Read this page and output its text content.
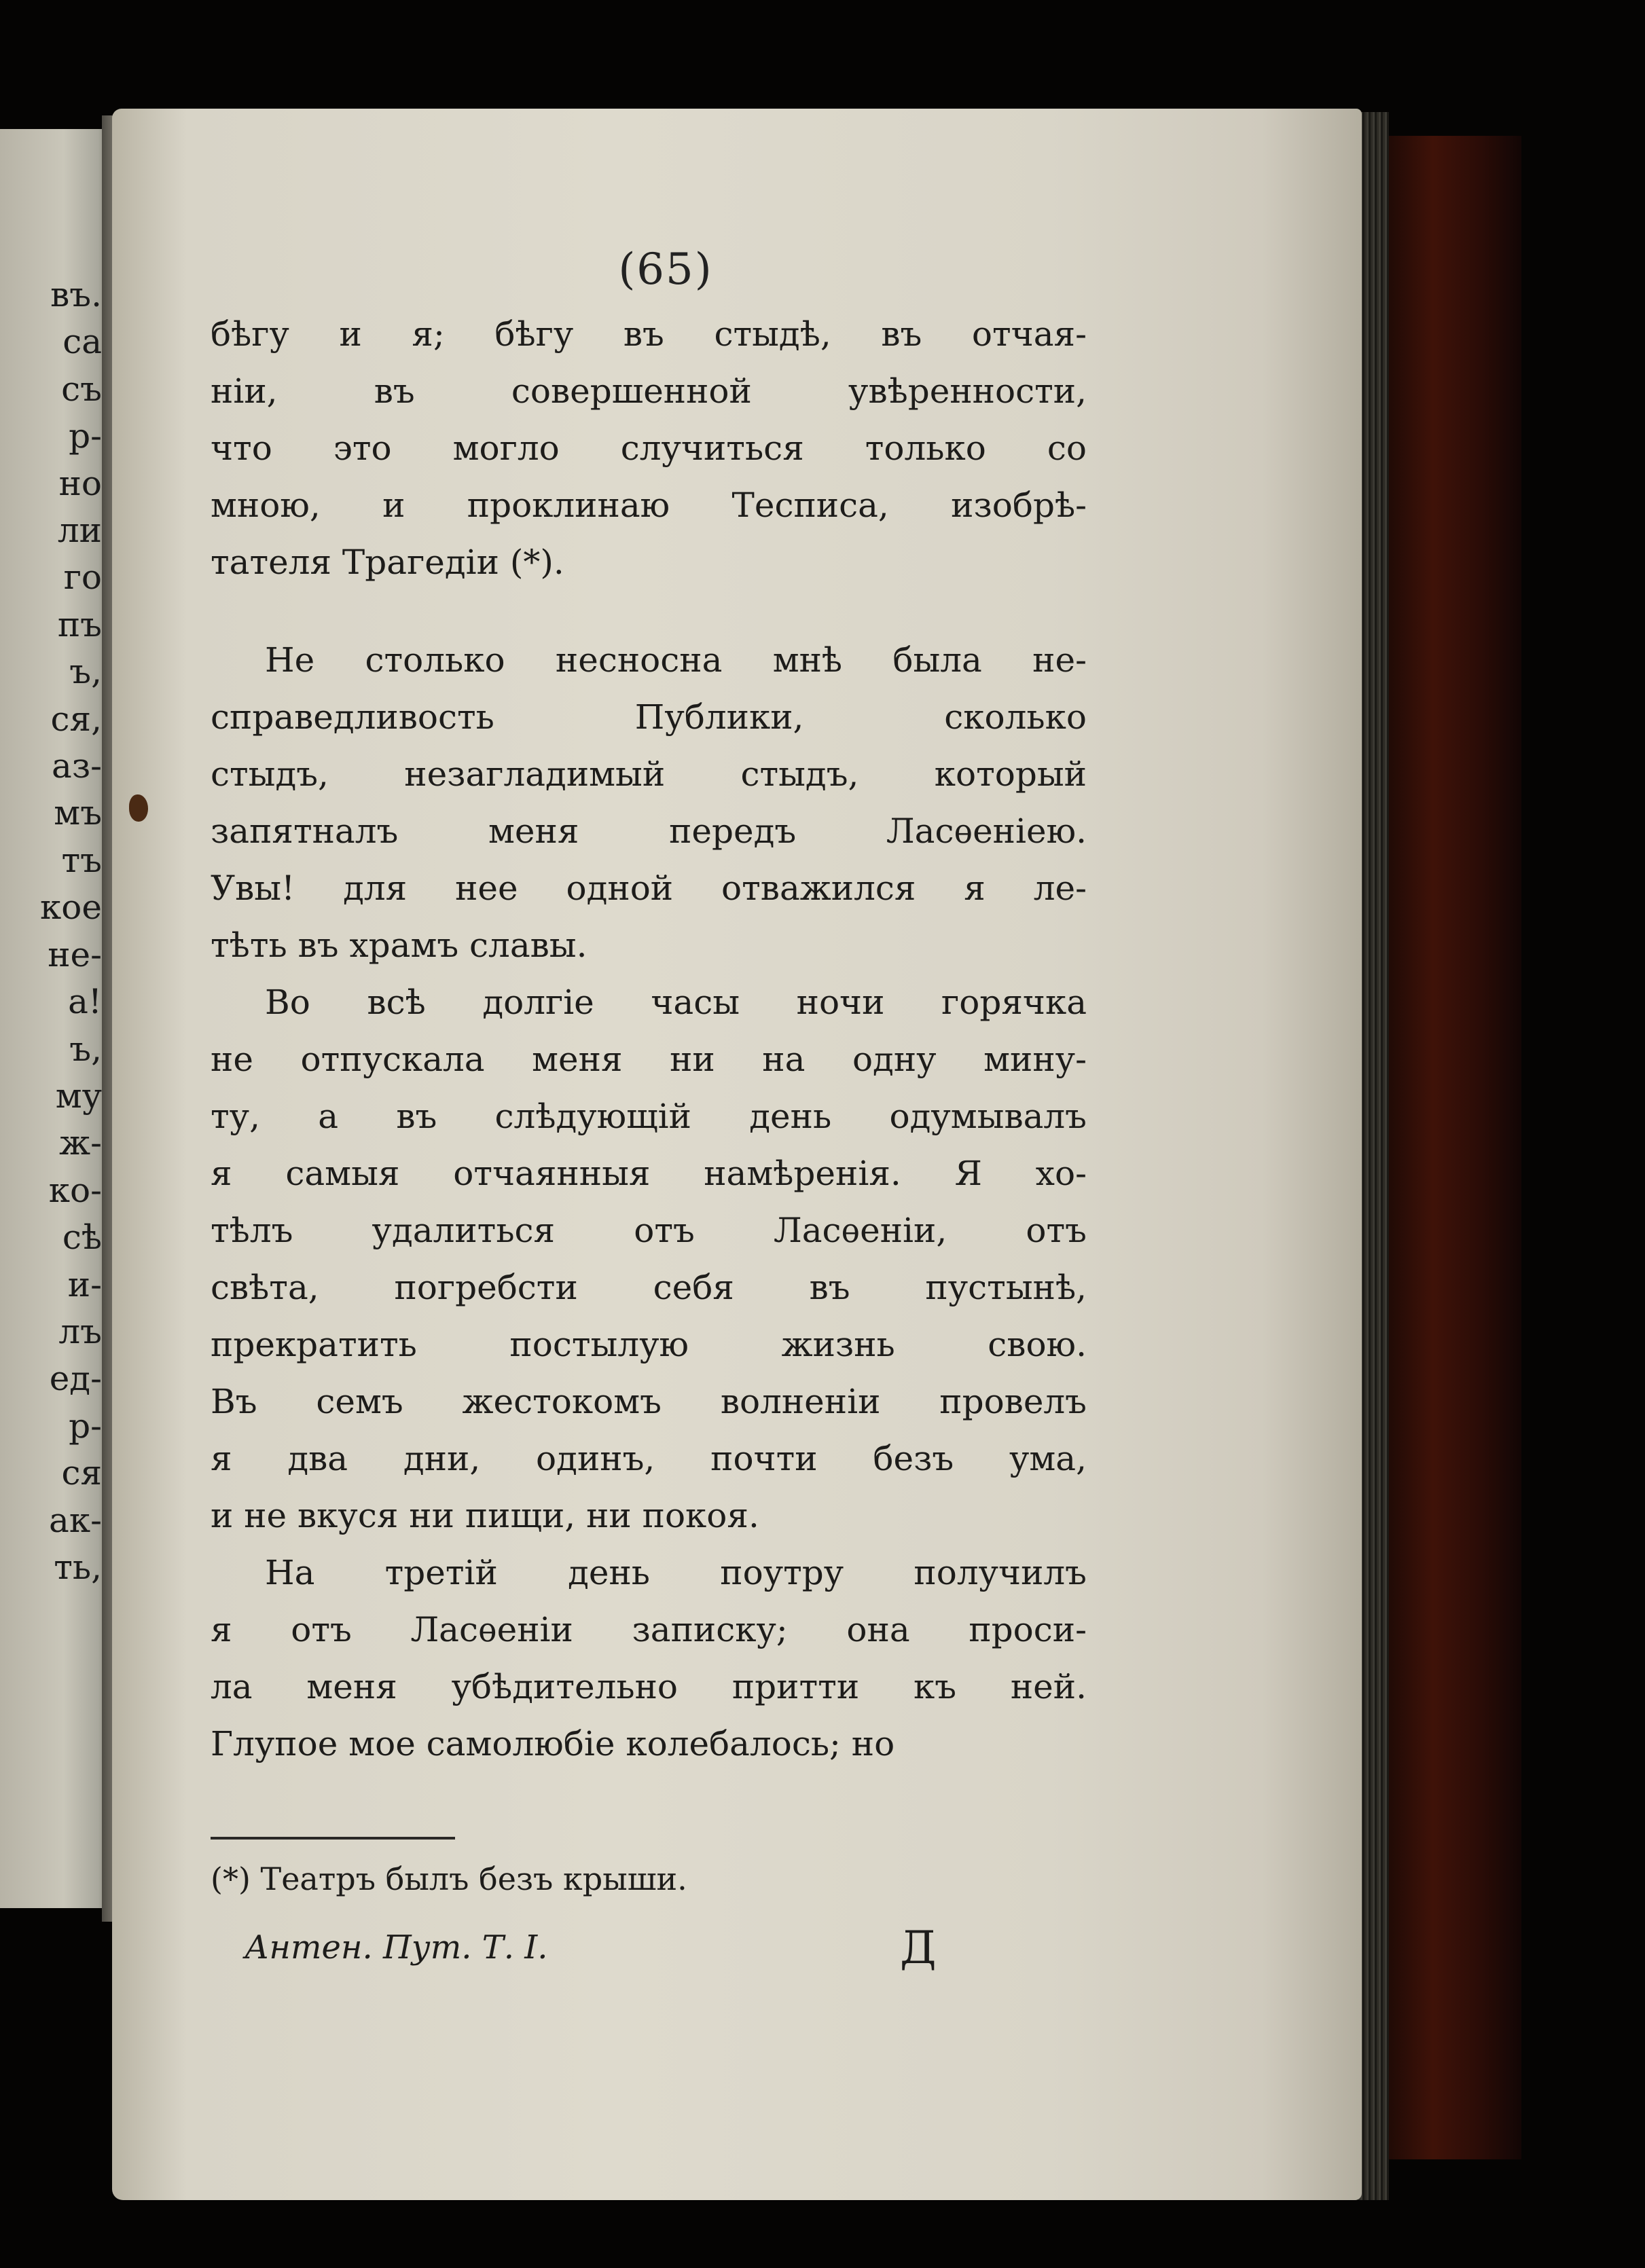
въ.
са
съ
р-
но
ли
го
пъ
ъ,
ся,
аз-
мъ
тъ
кое
не-
а!
ъ,
му
ж-
ко-
сѣ
и-
лъ
ед-
р-
ся
ак-
ть,
(65)
бѣгу и я; бѣгу въ стыдѣ, въ отчая-
ніи, въ совершенной увѣренности,
что это могло случиться только со
мною, и проклинаю Тесписа, изобрѣ-
тателя Трагедіи (*).
Не столько несносна мнѣ была не-
справедливость Публики, сколько
стыдъ, незагладимый стыдъ, который
запятналъ меня передъ Ласѳеніею.
Увы! для нее одной отважился я ле-
тѣть въ храмъ славы.
Во всѣ долгіе часы ночи горячка
не отпускала меня ни на одну мину-
ту, а въ слѣдующій день одумывалъ
я самыя отчаянныя намѣренія. Я хо-
тѣлъ удалиться отъ Ласѳеніи, отъ
свѣта, погребсти себя въ пустынѣ,
прекратить постылую жизнь свою.
Въ семъ жестокомъ волненіи провелъ
я два дни, одинъ, почти безъ ума,
и не вкуся ни пищи, ни покоя.
На третій день поутру получилъ
я отъ Ласѳеніи записку; она проси-
ла меня убѣдительно притти къ ней.
Глупое мое самолюбіе колебалось; но
(*) Театръ былъ безъ крыши.
Антен. Пут. Т. I.	Д
